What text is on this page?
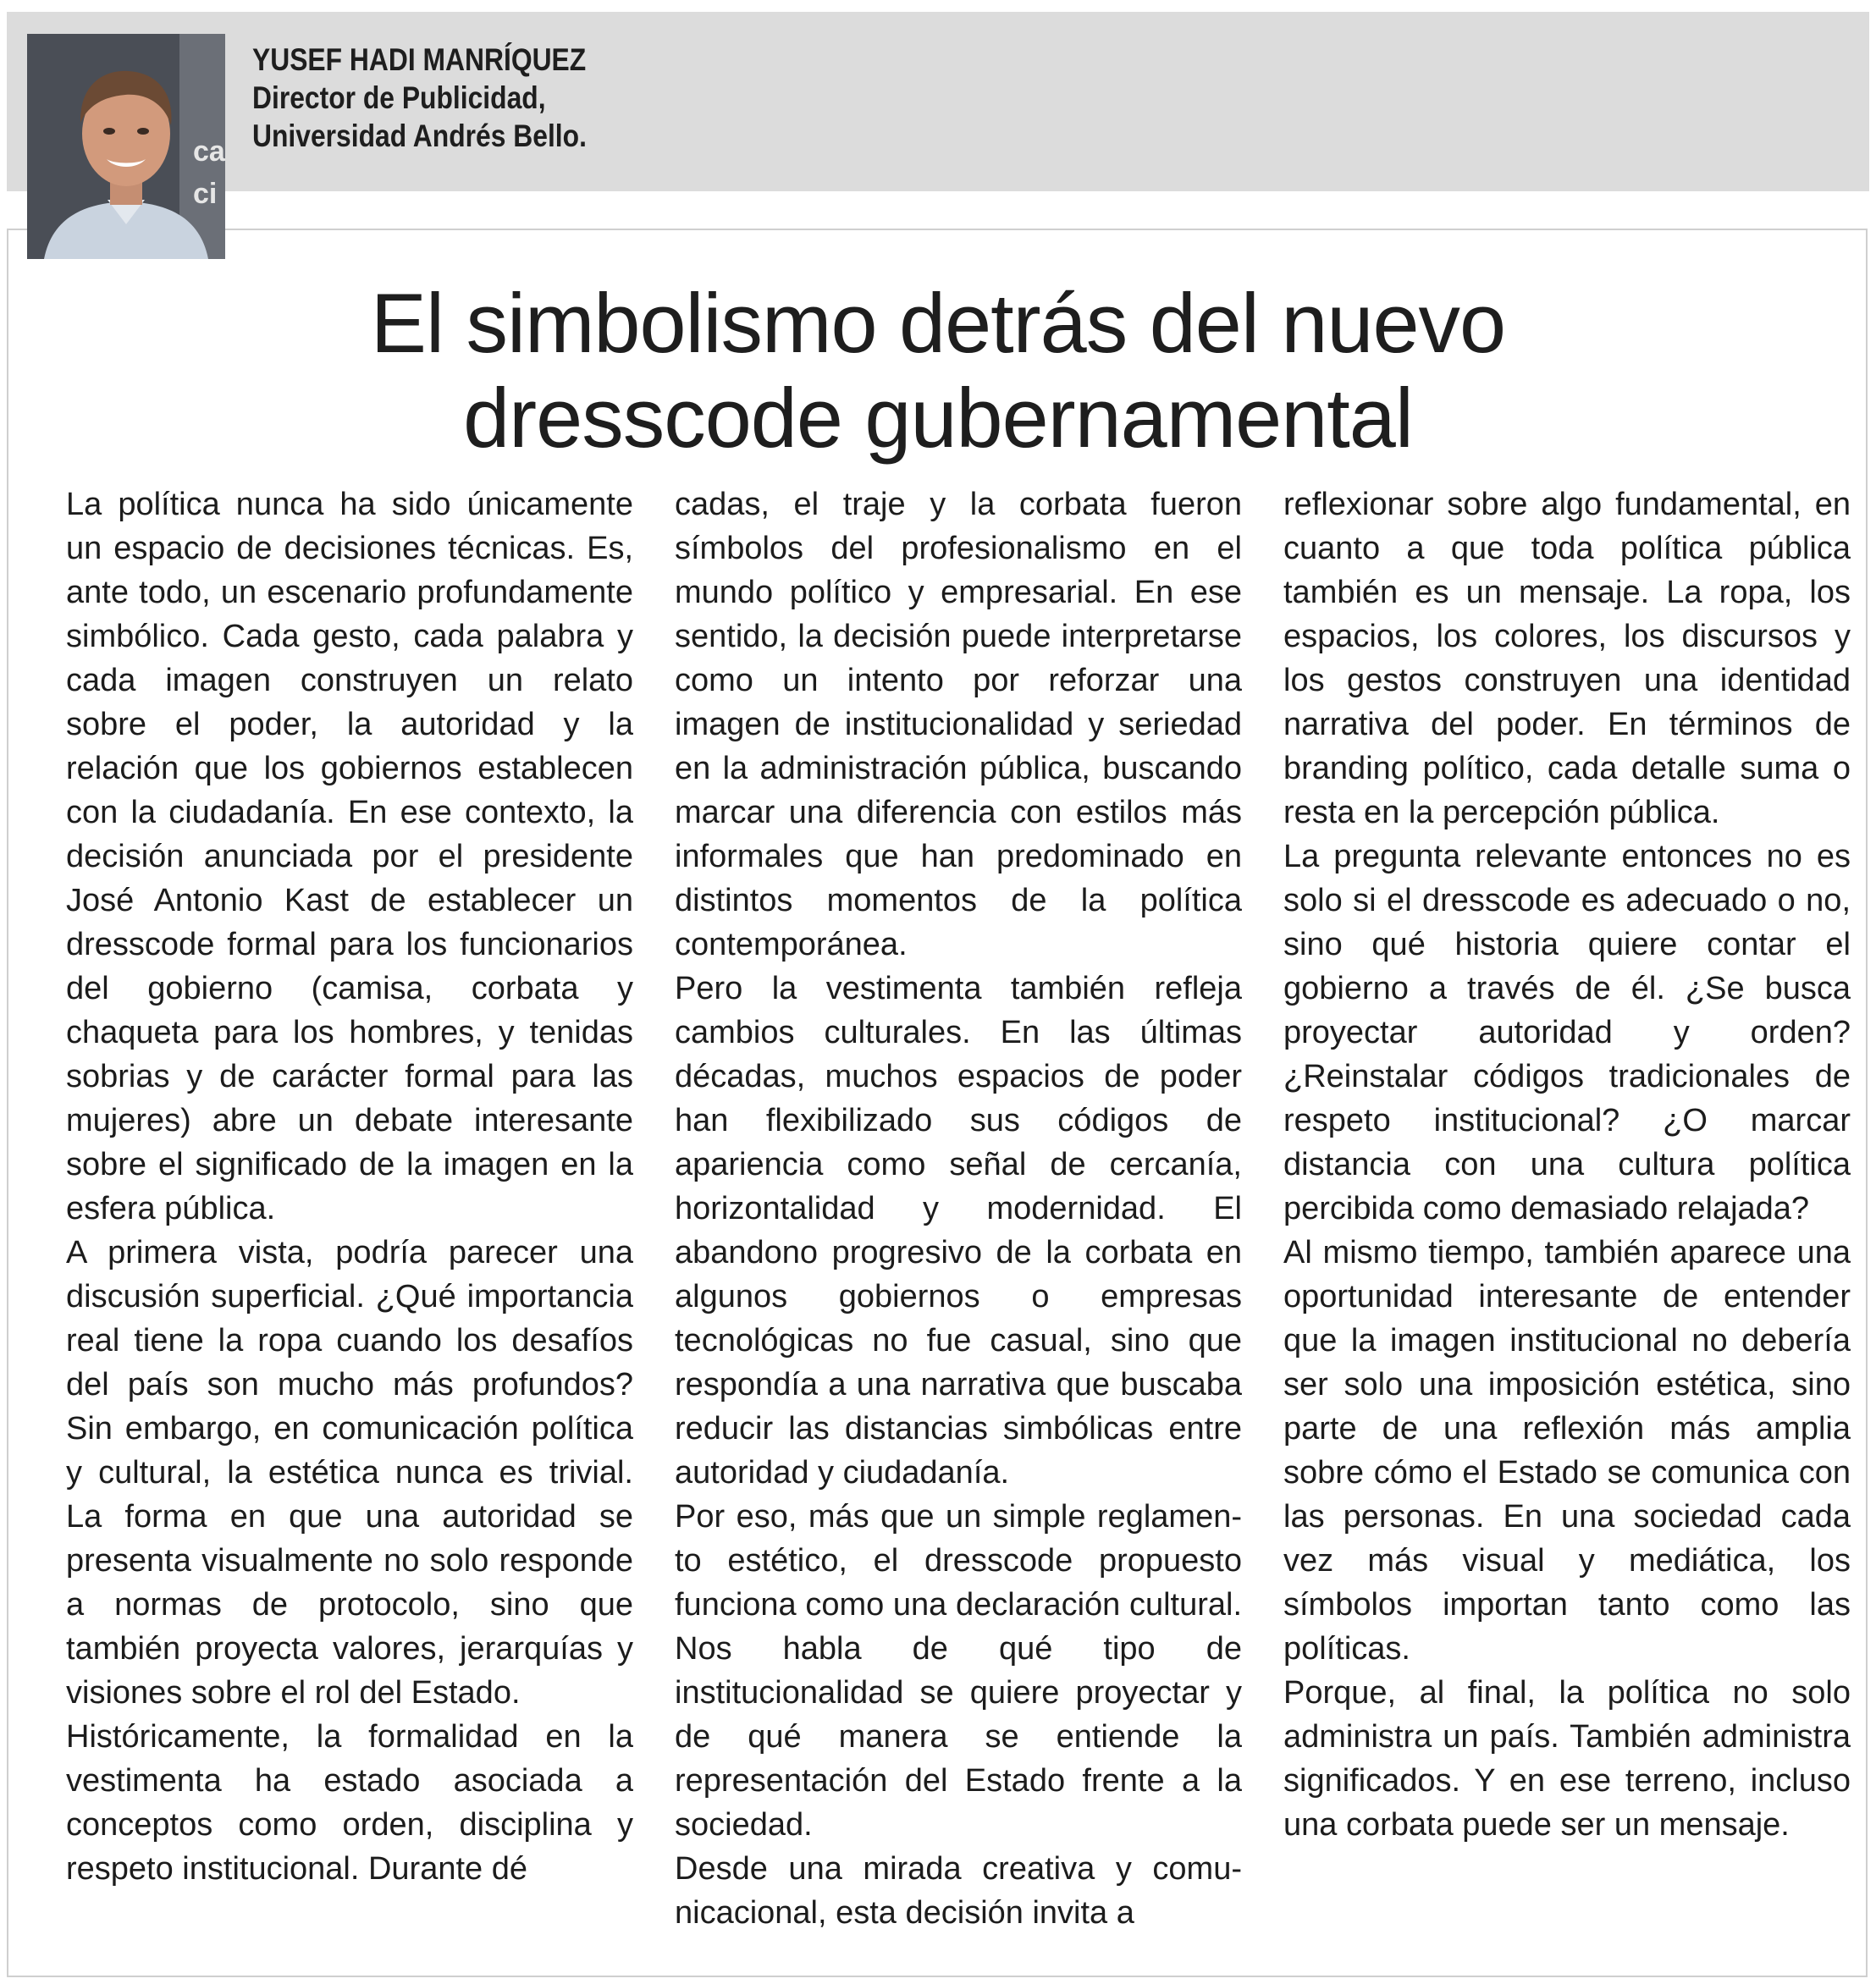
ca
ci
YUSEF HADI MANRÍQUEZ
Director de Publicidad,
Universidad Andrés Bello.
El simbolismo detrás del nuevo
dresscode gubernamental

La política nunca ha sido únicamente un espacio de decisiones técnicas. Es, ante todo, un escenario profundamente simbólico. Cada gesto, cada palabra y cada imagen construyen un relato sobre el poder, la autoridad y la relación que los gobiernos establecen con la ciudadanía. En ese contexto, la decisión anunciada por el presidente José Antonio Kast de establecer un dresscode formal para los funcionarios del gobierno (camisa, corbata y chaqueta para los hombres, y tenidas sobrias y de carácter formal para las mujeres) abre un debate interesante sobre el significado de la imagen en la esfera pública.

A primera vista, podría parecer una discusión superficial. ¿Qué importancia real tiene la ropa cuando los desafíos del país son mucho más profundos? Sin embargo, en comunicación política y cultural, la estética nunca es trivial. La forma en que una autoridad se presenta visualmente no solo responde a normas de protocolo, sino que también proyecta valores, jerarquías y visiones sobre el rol del Estado.

Históricamente, la formalidad en la vestimenta ha estado asociada a conceptos como orden, disciplina y respeto institucional. Durante dé

cadas, el traje y la corbata fueron símbolos del profesionalismo en el mundo político y empresarial. En ese sentido, la decisión puede interpretarse como un intento por reforzar una imagen de institucionalidad y seriedad en la administración pública, buscando marcar una diferencia con estilos más informales que han predominado en distintos momentos de la política contemporánea.

Pero la vestimenta también refleja cambios culturales. En las últimas décadas, muchos espacios de poder han flexibilizado sus códigos de apariencia como señal de cercanía, horizontalidad y modernidad. El abandono progresivo de la corbata en algunos gobiernos o empresas tecnológicas no fue casual, sino que respondía a una narrativa que buscaba reducir las distancias simbólicas entre autoridad y ciudadanía.

Por eso, más que un simple reglamento estético, el dresscode propuesto funciona como una declaración cultural. Nos habla de qué tipo de institucionalidad se quiere proyectar y de qué manera se entiende la representación del Estado frente a la sociedad.

Desde una mirada creativa y comunicacional, esta decisión invita a

reflexionar sobre algo fundamental, en cuanto a que toda política pública también es un mensaje. La ropa, los espacios, los colores, los discursos y los gestos construyen una identidad narrativa del poder. En términos de branding político, cada detalle suma o resta en la percepción pública.

La pregunta relevante entonces no es solo si el dresscode es adecuado o no, sino qué historia quiere contar el gobierno a través de él. ¿Se busca proyectar autoridad y orden? ¿Reinstalar códigos tradicionales de respeto institucional? ¿O marcar distancia con una cultura política percibida como demasiado relajada?

Al mismo tiempo, también aparece una oportunidad interesante de entender que la imagen institucional no debería ser solo una imposición estética, sino parte de una reflexión más amplia sobre cómo el Estado se comunica con las personas. En una sociedad cada vez más visual y mediática, los símbolos importan tanto como las políticas.

Porque, al final, la política no solo administra un país. También administra significados. Y en ese terreno, incluso una corbata puede ser un mensaje.
